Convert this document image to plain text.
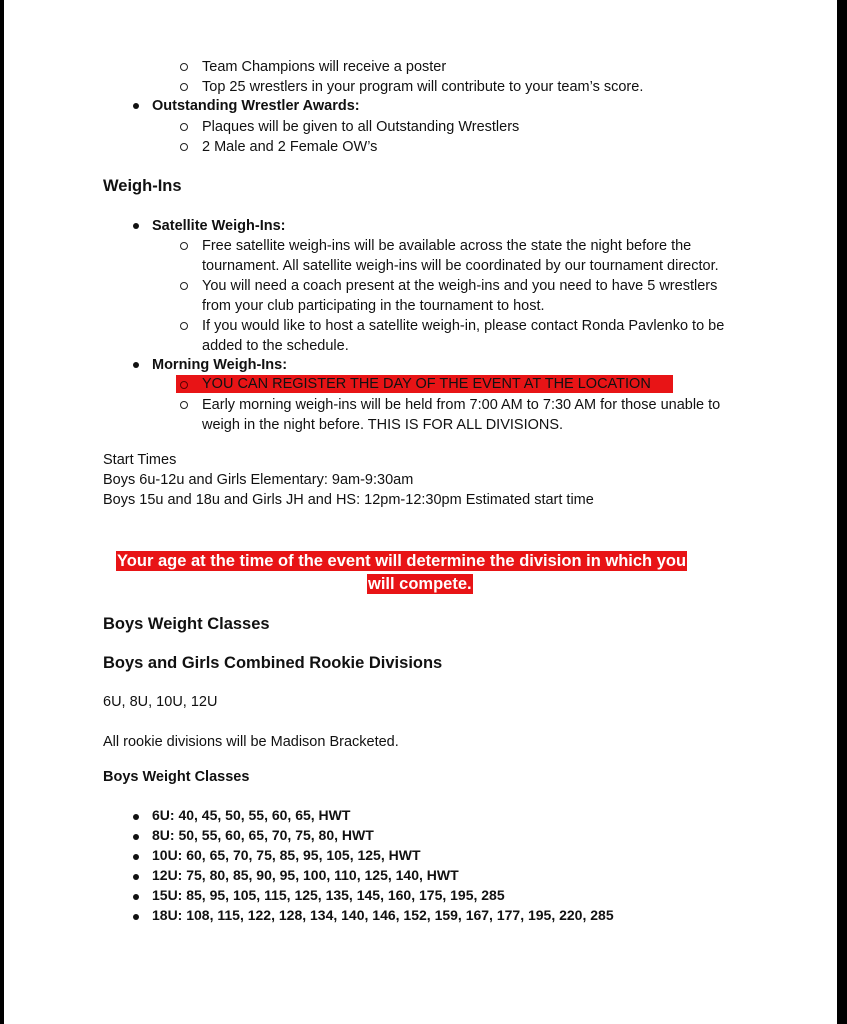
Team Champions will receive a poster
Top 25 wrestlers in your program will contribute to your team’s score.
Outstanding Wrestler Awards:
Plaques will be given to all Outstanding Wrestlers
2 Male and 2 Female OW’s
Weigh-Ins
Satellite Weigh-Ins:
Free satellite weigh-ins will be available across the state the night before the
tournament. All satellite weigh-ins will be coordinated by our tournament director.
You will need a coach present at the weigh-ins and you need to have 5 wrestlers
from your club participating in the tournament to host.
If you would like to host a satellite weigh-in, please contact Ronda Pavlenko to be
added to the schedule.
Morning Weigh-Ins:
YOU CAN REGISTER THE DAY OF THE EVENT AT THE LOCATION
Early morning weigh-ins will be held from 7:00 AM to 7:30 AM for those unable to
weigh in the night before. THIS IS FOR ALL DIVISIONS.
Start Times
Boys 6u-12u and Girls Elementary: 9am-9:30am
Boys 15u and 18u and Girls JH and HS: 12pm-12:30pm Estimated start time
Your age at the time of the event will determine the division in which you
will compete.
Boys Weight Classes
Boys and Girls Combined Rookie Divisions
6U, 8U, 10U, 12U
All rookie divisions will be Madison Bracketed.
Boys Weight Classes
6U: 40, 45, 50, 55, 60, 65, HWT
8U: 50, 55, 60, 65, 70, 75, 80, HWT
10U: 60, 65, 70, 75, 85, 95, 105, 125, HWT
12U: 75, 80, 85, 90, 95, 100, 110, 125, 140, HWT
15U: 85, 95, 105, 115, 125, 135, 145, 160, 175, 195, 285
18U: 108, 115, 122, 128, 134, 140, 146, 152, 159, 167, 177, 195, 220, 285
